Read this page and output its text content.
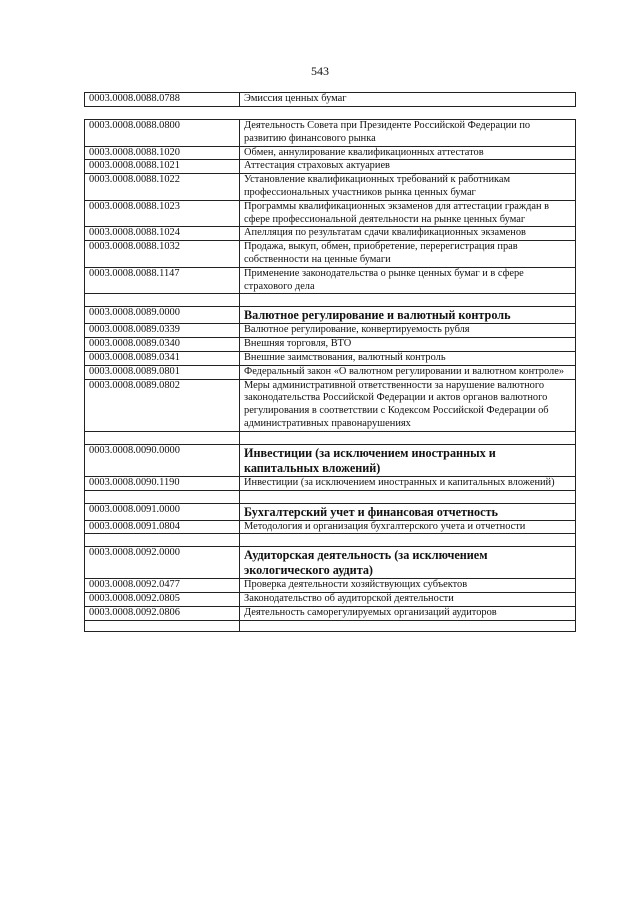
543
0003.0008.0088.0788	Эмиссия ценных бумаг
0003.0008.0088.0800	Деятельность Совета при Президенте Российской Федерации по развитию финансового рынка
0003.0008.0088.1020	Обмен, аннулирование квалификационных аттестатов
0003.0008.0088.1021	Аттестация страховых актуариев
0003.0008.0088.1022	Установление квалификационных требований к работникам профессиональных участников рынка ценных бумаг
0003.0008.0088.1023	Программы квалификационных экзаменов для аттестации граждан в сфере профессиональной деятельности на рынке ценных бумаг
0003.0008.0088.1024	Апелляция по результатам сдачи квалификационных экзаменов
0003.0008.0088.1032	Продажа, выкуп, обмен, приобретение, перерегистрация прав собственности на ценные бумаги
0003.0008.0088.1147	Применение законодательства о рынке ценных бумаг и в сфере страхового дела

0003.0008.0089.0000	Валютное регулирование и валютный контроль
0003.0008.0089.0339	Валютное регулирование, конвертируемость рубля
0003.0008.0089.0340	Внешняя торговля, ВТО
0003.0008.0089.0341	Внешние заимствования, валютный контроль
0003.0008.0089.0801	Федеральный закон «О валютном регулировании и валютном контроле»
0003.0008.0089.0802	Меры административной ответственности за нарушение валютного законодательства Российской Федерации и актов органов валютного регулирования в соответствии с Кодексом Российской Федерации об административных правонарушениях

0003.0008.0090.0000	Инвестиции (за исключением иностранных и капитальных вложений)
0003.0008.0090.1190	Инвестиции (за исключением иностранных и капитальных вложений)

0003.0008.0091.0000	Бухгалтерский учет и финансовая отчетность
0003.0008.0091.0804	Методология и организация бухгалтерского учета и отчетности

0003.0008.0092.0000	Аудиторская деятельность (за исключением экологического аудита)
0003.0008.0092.0477	Проверка деятельности хозяйствующих субъектов
0003.0008.0092.0805	Законодательство об аудиторской деятельности
0003.0008.0092.0806	Деятельность саморегулируемых организаций аудиторов
